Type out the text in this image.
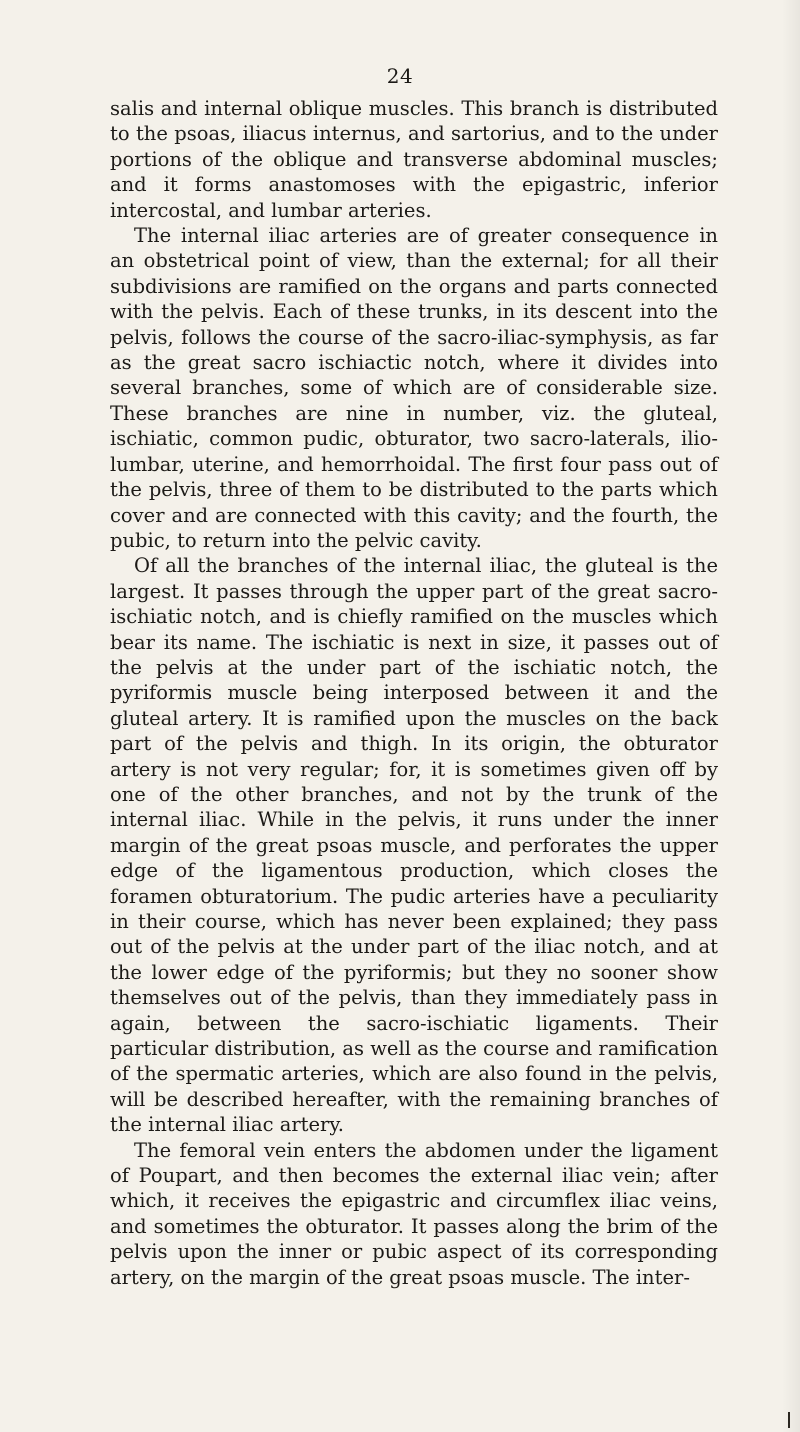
24

salis and internal oblique muscles. This branch is distributed to the psoas, iliacus internus, and sartorius, and to the under portions of the oblique and transverse abdominal muscles; and it forms anastomoses with the epigastric, inferior intercostal, and lumbar arteries.

The internal iliac arteries are of greater consequence in an obstetrical point of view, than the external; for all their subdivisions are ramified on the organs and parts connected with the pelvis. Each of these trunks, in its descent into the pelvis, follows the course of the sacro-iliac-symphysis, as far as the great sacro ischiactic notch, where it divides into several branches, some of which are of considerable size. These branches are nine in number, viz. the gluteal, ischiatic, common pudic, obturator, two sacro-laterals, ilio-lumbar, uterine, and hemorrhoidal. The first four pass out of the pelvis, three of them to be distributed to the parts which cover and are connected with this cavity; and the fourth, the pubic, to return into the pelvic cavity.

Of all the branches of the internal iliac, the gluteal is the largest. It passes through the upper part of the great sacro-ischiatic notch, and is chiefly ramified on the muscles which bear its name. The ischiatic is next in size, it passes out of the pelvis at the under part of the ischiatic notch, the pyriformis muscle being interposed between it and the gluteal artery. It is ramified upon the muscles on the back part of the pelvis and thigh. In its origin, the obturator artery is not very regular; for, it is sometimes given off by one of the other branches, and not by the trunk of the internal iliac. While in the pelvis, it runs under the inner margin of the great psoas muscle, and perforates the upper edge of the ligamentous production, which closes the foramen obturatorium. The pudic arteries have a peculiarity in their course, which has never been explained; they pass out of the pelvis at the under part of the iliac notch, and at the lower edge of the pyriformis; but they no sooner show themselves out of the pelvis, than they immediately pass in again, between the sacro-ischiatic ligaments. Their particular distribution, as well as the course and ramification of the spermatic arteries, which are also found in the pelvis, will be described hereafter, with the remaining branches of the internal iliac artery.

The femoral vein enters the abdomen under the ligament of Poupart, and then becomes the external iliac vein; after which, it receives the epigastric and circumflex iliac veins, and sometimes the obturator. It passes along the brim of the pelvis upon the inner or pubic aspect of its corresponding artery, on the margin of the great psoas muscle. The inter-
